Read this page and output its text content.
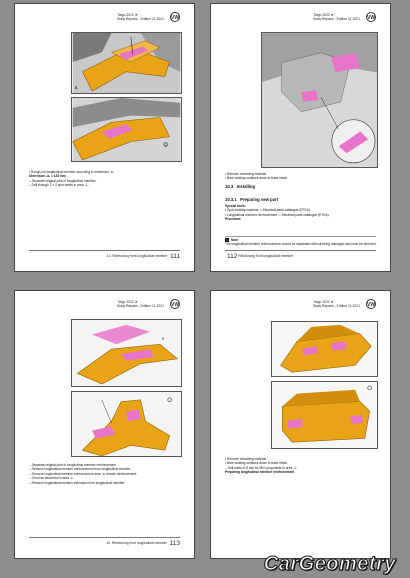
Taigo 2022 ➤
Body Repairs - Edition 11.2021 VW
a
1
• Rough-cut longitudinal member according to dimension -a-.
Dimension -a- = 125 mm
– Separate original joint of longitudinal member.
– Drill through 2 × 2 spot welds in area -1-.
10. Reinforcing front longitudinal member 111
Taigo 2022 ➤
Body Repairs - Edition 11.2021 VW
• Remove remaining material.
• Bare welding surfaces down to base metal.
10.3 Installing
10.3.1 Preparing new part
Special tools:
• Spot-welding machine ⇒ Electrical parts catalogue (ETKA).
• Longitudinal member reinforcement ⇒ Electrical parts catalogue (ETKA).
Procedure
i Note
The longitudinal member reinforcement cannot be separated without being damaged and must be renewed.
112 Reinforcing front longitudinal member
Taigo 2022 ➤
Body Repairs - Edition 11.2021 VW
a
– Separate original joint of longitudinal member reinforcement.
– Remove longitudinal member reinforcement from longitudinal member.
– Remove longitudinal member reinforcement area -a- beside reinforcement.
– Grind as described in area -1-.
– Remove longitudinal member extension from longitudinal member.
10. Reinforcing front longitudinal member 113
Taigo 2022 ➤
Body Repairs - Edition 11.2021 VW
• Remove remaining material.
• Bare welding surfaces down to base metal.
– Drill holes of 8 mm for MIG plug welds in area -1-.
Preparing longitudinal member reinforcement
CarGeometry
